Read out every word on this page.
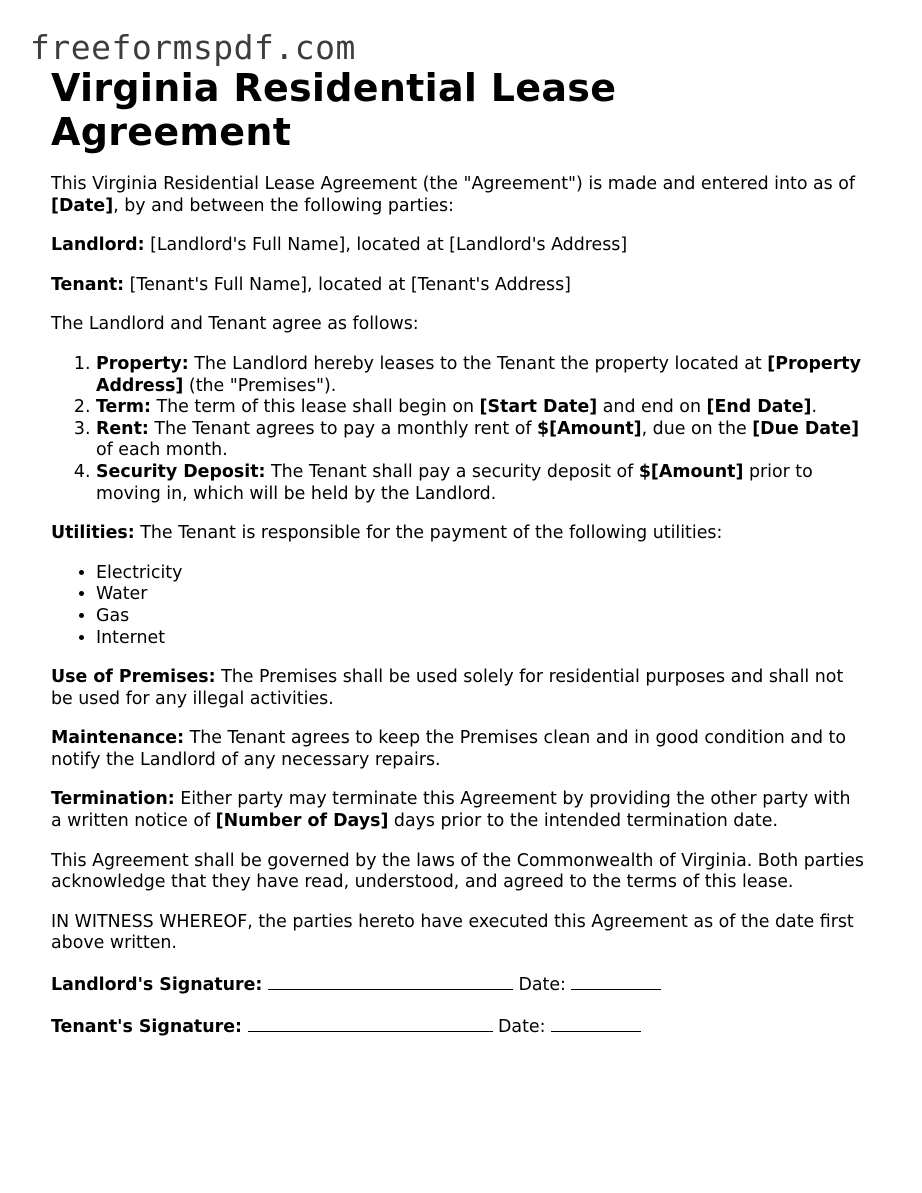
freeformspdf.com
Virginia Residential Lease Agreement

This Virginia Residential Lease Agreement (the "Agreement") is made and entered into as of [Date], by and between the following parties:

Landlord: [Landlord's Full Name], located at [Landlord's Address]

Tenant: [Tenant's Full Name], located at [Tenant's Address]

The Landlord and Tenant agree as follows:

1. Property: The Landlord hereby leases to the Tenant the property located at [Property Address] (the "Premises").
2. Term: The term of this lease shall begin on [Start Date] and end on [End Date].
3. Rent: The Tenant agrees to pay a monthly rent of $[Amount], due on the [Due Date] of each month.
4. Security Deposit: The Tenant shall pay a security deposit of $[Amount] prior to moving in, which will be held by the Landlord.

Utilities: The Tenant is responsible for the payment of the following utilities:

• Electricity
• Water
• Gas
• Internet

Use of Premises: The Premises shall be used solely for residential purposes and shall not be used for any illegal activities.

Maintenance: The Tenant agrees to keep the Premises clean and in good condition and to notify the Landlord of any necessary repairs.

Termination: Either party may terminate this Agreement by providing the other party with a written notice of [Number of Days] days prior to the intended termination date.

This Agreement shall be governed by the laws of the Commonwealth of Virginia. Both parties acknowledge that they have read, understood, and agreed to the terms of this lease.

IN WITNESS WHEREOF, the parties hereto have executed this Agreement as of the date first above written.

Landlord's Signature:	Date:

Tenant's Signature:	Date:
